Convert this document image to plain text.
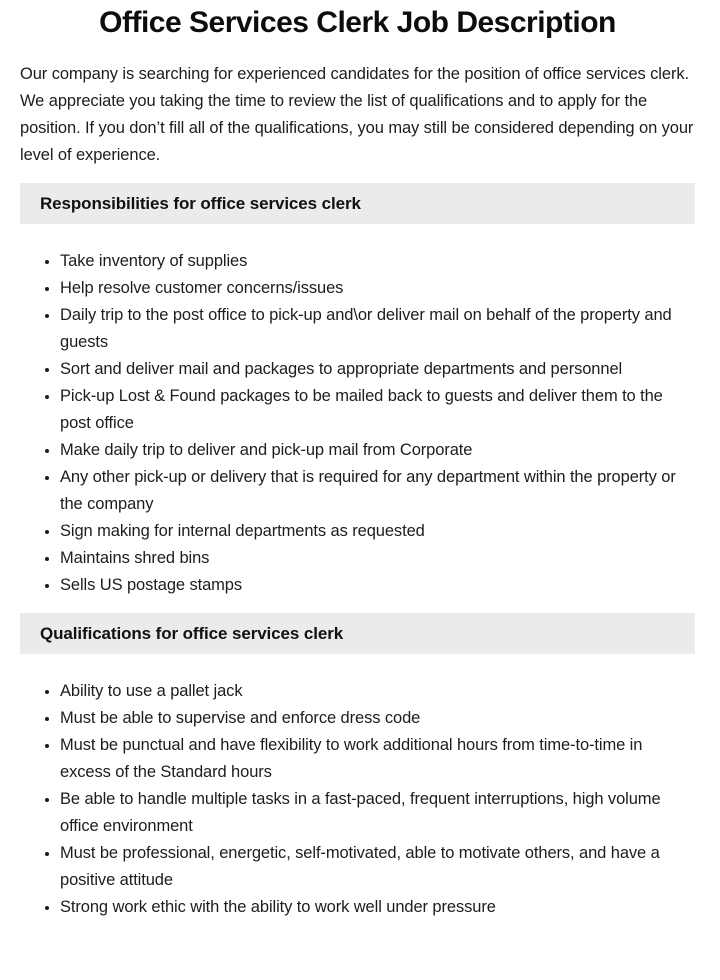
Office Services Clerk Job Description

Our company is searching for experienced candidates for the position of office services clerk. We appreciate you taking the time to review the list of qualifications and to apply for the position. If you don’t fill all of the qualifications, you may still be considered depending on your level of experience.

Responsibilities for office services clerk
• Take inventory of supplies
• Help resolve customer concerns/issues
• Daily trip to the post office to pick-up and\or deliver mail on behalf of the property and guests
• Sort and deliver mail and packages to appropriate departments and personnel
• Pick-up Lost & Found packages to be mailed back to guests and deliver them to the post office
• Make daily trip to deliver and pick-up mail from Corporate
• Any other pick-up or delivery that is required for any department within the property or the company
• Sign making for internal departments as requested
• Maintains shred bins
• Sells US postage stamps
Qualifications for office services clerk
• Ability to use a pallet jack
• Must be able to supervise and enforce dress code
• Must be punctual and have flexibility to work additional hours from time-to-time in excess of the Standard hours
• Be able to handle multiple tasks in a fast-paced, frequent interruptions, high volume office environment
• Must be professional, energetic, self-motivated, able to motivate others, and have a positive attitude
• Strong work ethic with the ability to work well under pressure
